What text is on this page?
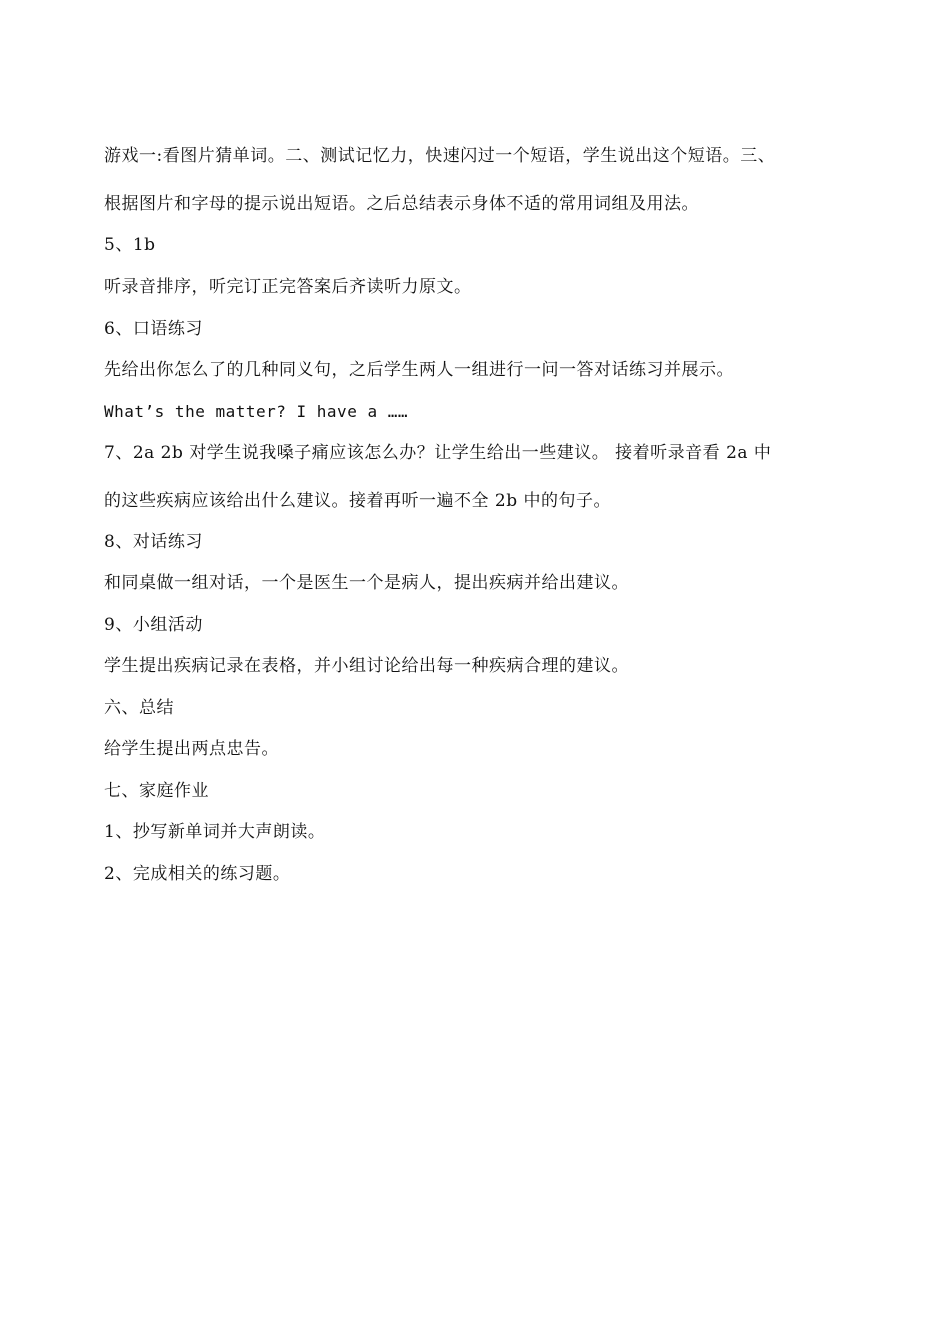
游戏一:看图片猜单词。二、测试记忆力，快速闪过一个短语，学生说出这个短语。三、
根据图片和字母的提示说出短语。之后总结表示身体不适的常用词组及用法。
5、1b
听录音排序，听完订正完答案后齐读听力原文。
6、口语练习
先给出你怎么了的几种同义句，之后学生两人一组进行一问一答对话练习并展示。
What’s the matter? I have a ……
7、2a 2b 对学生说我嗓子痛应该怎么办？让学生给出一些建议。 接着听录音看 2a 中
的这些疾病应该给出什么建议。接着再听一遍不全 2b 中的句子。
8、对话练习
和同桌做一组对话，一个是医生一个是病人，提出疾病并给出建议。
9、小组活动
学生提出疾病记录在表格，并小组讨论给出每一种疾病合理的建议。
六、总结
给学生提出两点忠告。
七、家庭作业
1、抄写新单词并大声朗读。
2、完成相关的练习题。
